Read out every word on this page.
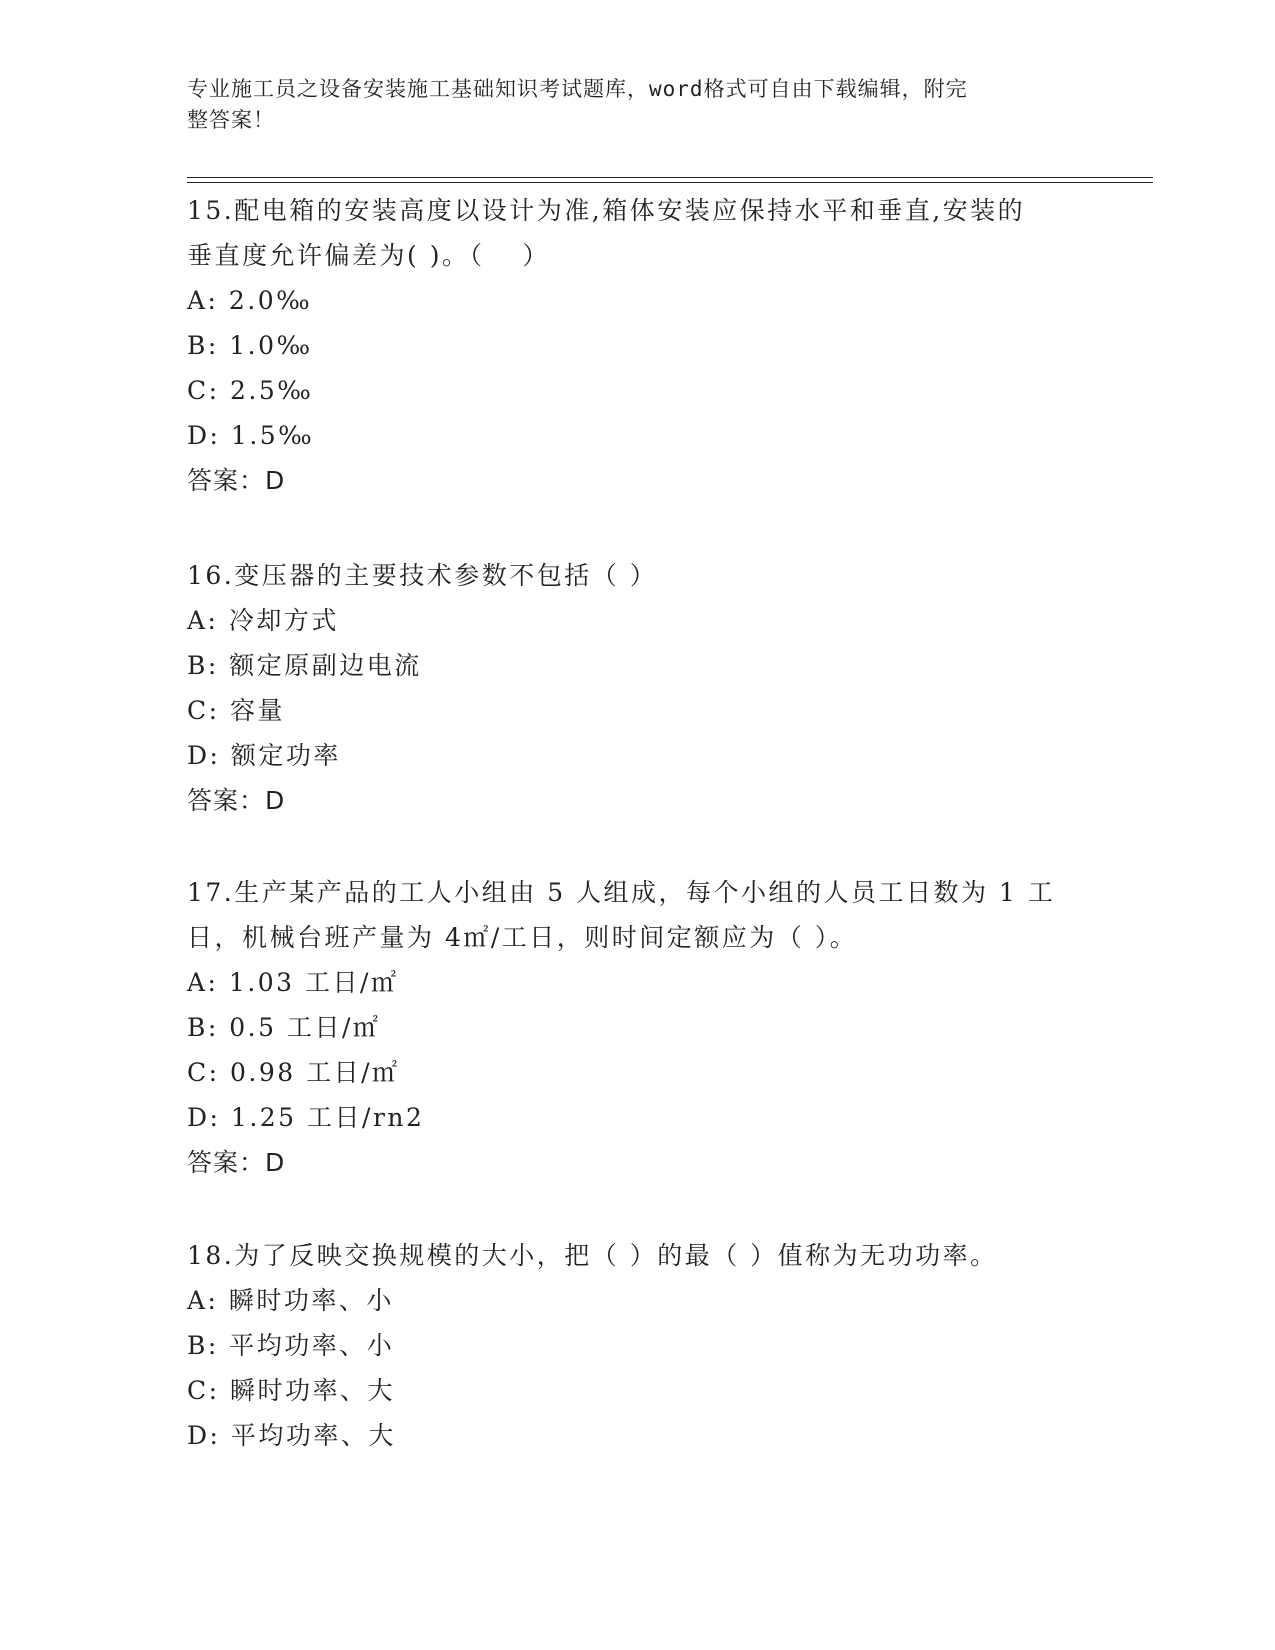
专业施工员之设备安装施工基础知识考试题库，word格式可自由下载编辑，附完
整答案！
15.配电箱的安装高度以设计为准,箱体安装应保持水平和垂直,安装的
垂直度允许偏差为( )。（　 ）
A: 2.0‰
B: 1.0‰
C: 2.5‰
D: 1.5‰
答案：D
16.变压器的主要技术参数不包括（ ）
A: 冷却方式
B: 额定原副边电流
C: 容量
D: 额定功率
答案：D
17.生产某产品的工人小组由 5 人组成，每个小组的人员工日数为 1 工
日，机械台班产量为 4㎡/工日，则时间定额应为（ ）。
A: 1.03 工日/㎡
B: 0.5 工日/㎡
C: 0.98 工日/㎡
D: 1.25 工日/rn2
答案：D
18.为了反映交换规模的大小，把（ ）的最（ ）值称为无功功率。
A: 瞬时功率、小
B: 平均功率、小
C: 瞬时功率、大
D: 平均功率、大
